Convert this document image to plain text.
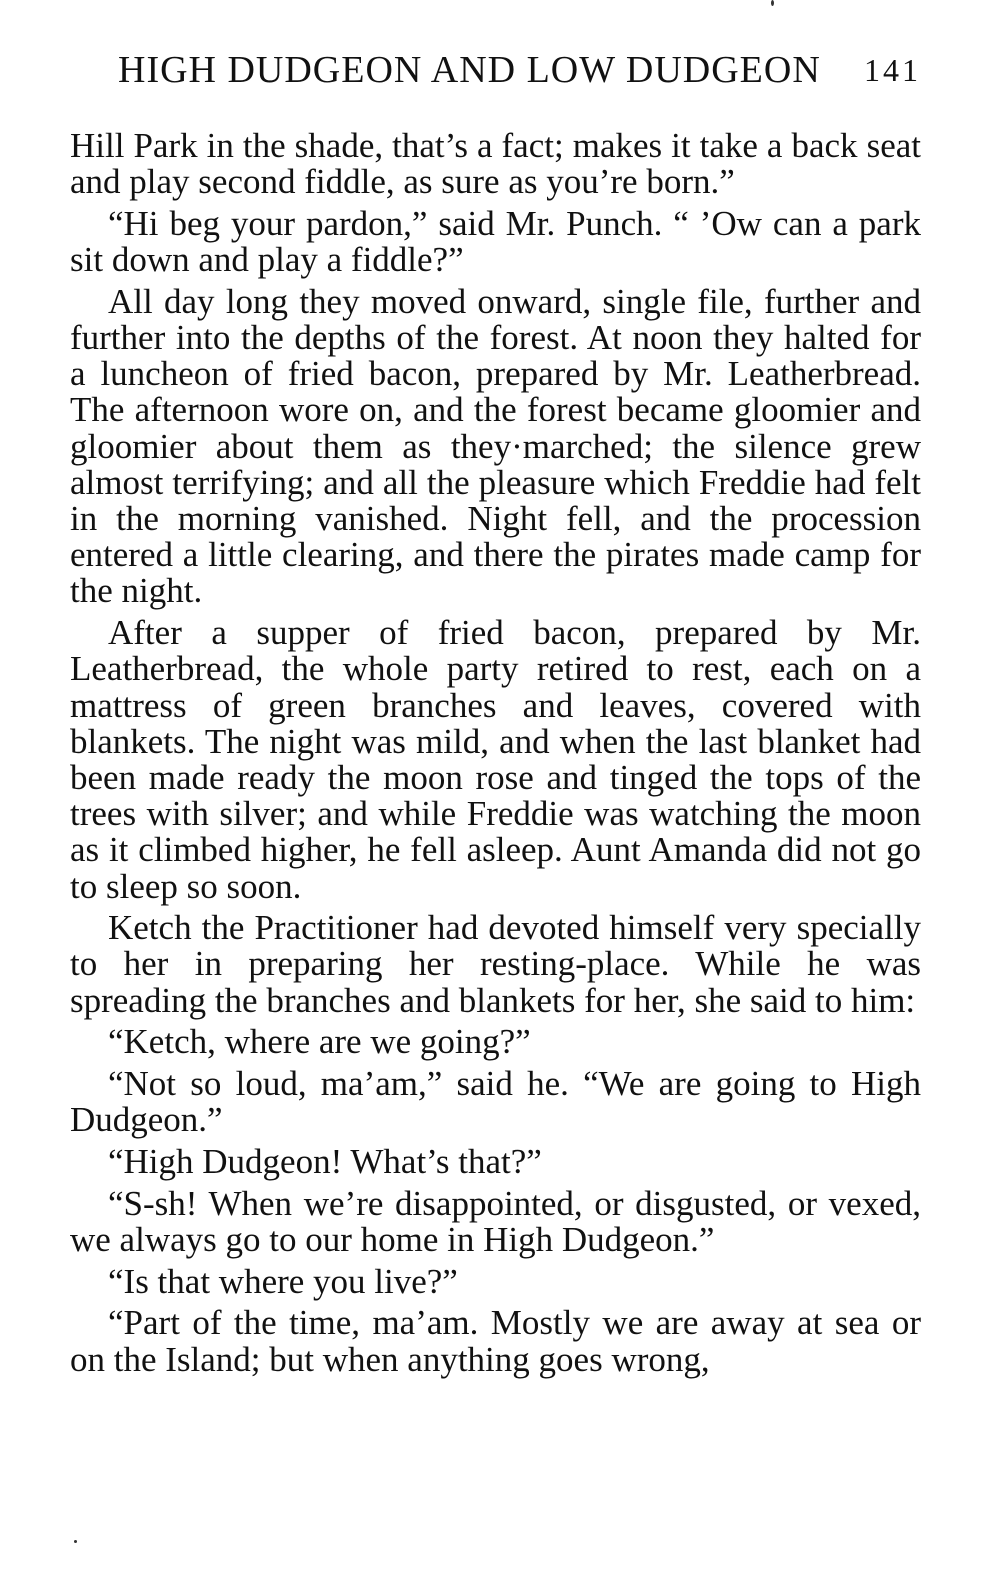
HIGH DUDGEON AND LOW DUDGEON 141

Hill Park in the shade, that’s a fact; makes it take a back seat and play second fiddle, as sure as you’re born.”

“Hi beg your pardon,” said Mr. Punch. “ ’Ow can a park sit down and play a fiddle?”

All day long they moved onward, single file, further and further into the depths of the forest. At noon they halted for a luncheon of fried bacon, prepared by Mr. Leatherbread. The afternoon wore on, and the forest became gloomier and gloomier about them as they·marched; the silence grew almost terrifying; and all the pleasure which Freddie had felt in the morning vanished. Night fell, and the procession entered a little clearing, and there the pirates made camp for the night.

After a supper of fried bacon, prepared by Mr. Leatherbread, the whole party retired to rest, each on a mattress of green branches and leaves, covered with blankets. The night was mild, and when the last blanket had been made ready the moon rose and tinged the tops of the trees with silver; and while Freddie was watching the moon as it climbed higher, he fell asleep. Aunt Amanda did not go to sleep so soon.

Ketch the Practitioner had devoted himself very specially to her in preparing her resting-place. While he was spreading the branches and blankets for her, she said to him:

“Ketch, where are we going?”

“Not so loud, ma’am,” said he. “We are going to High Dudgeon.”

“High Dudgeon! What’s that?”

“S-sh! When we’re disappointed, or disgusted, or vexed, we always go to our home in High Dudgeon.”

“Is that where you live?”

“Part of the time, ma’am. Mostly we are away at sea or on the Island; but when anything goes wrong,
